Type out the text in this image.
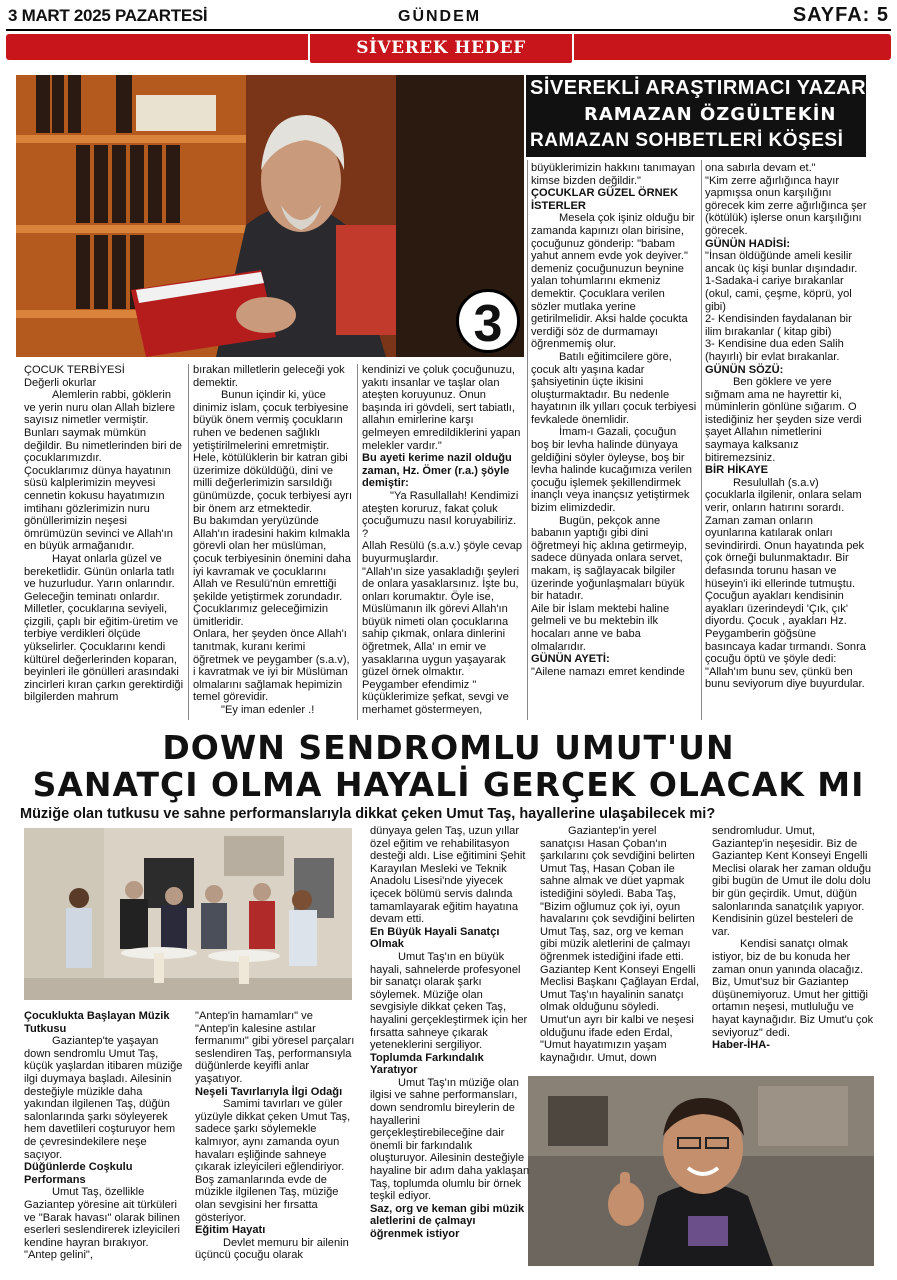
3 MART 2025 PAZARTESİ	GÜNDEM	SAYFA: 5
SİVEREK HEDEF
3
SİVEREKLİ ARAŞTIRMACI YAZAR
RAMAZAN ÖZGÜLTEKİN
RAMAZAN SOHBETLERİ KÖŞESİ

ÇOCUK TERBİYESİ

Değerli okurlar

Alemlerin rabbi, göklerin ve yerin nuru olan Allah bizlere sayısız nimetler vermiştir.

Bunları saymak mümkün değildir. Bu nimetlerinden biri de çocuklarımızdır.

Çocuklarımız dünya hayatının süsü kalplerimizin meyvesi cennetin kokusu hayatımızın imtihanı gözlerimizin nuru gönüllerimizin neşesi ömrümüzün sevinci ve Allah'ın en büyük armağanıdır.

Hayat onlarla güzel ve bereketlidir. Günün onlarla tatlı ve huzurludur. Yarın onlarındır. Geleceğin teminatı onlardır. Milletler, çocuklarına seviyeli, çizgili, çaplı bir eğitim-üretim ve terbiye verdikleri ölçüde yükselirler. Çocuklarını kendi kültürel değerlerinden koparan, beyinleri ile gönülleri arasındaki zincirleri kıran çarkın gerektirdiği bilgilerden mahrum

bırakan milletlerin geleceği yok demektir.

Bunun içindir ki, yüce dinimiz islam, çocuk terbiyesine büyük önem vermiş çocukların ruhen ve bedenen sağlıklı yetiştirilmelerini emretmiştir.

Hele, kötülüklerin bir katran gibi üzerimize döküldüğü, dini ve milli değerlerimizin sarsıldığı günümüzde, çocuk terbiyesi ayrı bir önem arz etmektedir.

Bu bakımdan yeryüzünde Allah'ın iradesini hakim kılmakla görevli olan her müslüman, çocuk terbiyesinin önemini daha iyi kavramak ve çocuklarını Allah ve Resulü'nün emrettiği şekilde yetiştirmek zorundadır. Çocuklarımız geleceğimizin ümitleridir.

Onlara, her şeyden önce Allah'ı tanıtmak, kuranı kerimi öğretmek ve peygamber (s.a.v), i kavratmak ve iyi bir Müslüman olmalarını sağlamak hepimizin temel görevidir.

"Ey iman edenler .!

kendinizi ve çoluk çocuğunuzu, yakıtı insanlar ve taşlar olan ateşten koruyunuz. Onun başında iri gövdeli, sert tabiatlı, allahın emirlerine karşı gelmeyen emredildiklerini yapan melekler vardır."

Bu ayeti kerime nazil olduğu zaman, Hz. Ömer (r.a.) şöyle demiştir:

"Ya Rasullallah! Kendimizi ateşten koruruz, fakat çoluk çocuğumuzu nasıl koruyabiliriz. ?

Allah Resülü (s.a.v.) şöyle cevap buyurmuşlardır.

"Allah'ın size yasakladığı şeyleri de onlara yasaklarsınız. İşte bu, onları korumaktır. Öyle ise, Müslümanın ilk görevi Allah'ın büyük nimeti olan çocuklarına sahip çıkmak, onlara dinlerini öğretmek, Alla' ın emir ve yasaklarına uygun yaşayarak güzel örnek olmaktır. Peygamber efendimiz " küçüklerimize şefkat, sevgi ve merhamet göstermeyen,

büyüklerimizin hakkını tanımayan kimse bizden değildir."

ÇOCUKLAR GÜZEL ÖRNEK İSTERLER

Mesela çok işiniz olduğu bir zamanda kapınızı olan birisine, çocuğunuz gönderip: "babam yahut annem evde yok deyiver." demeniz çocuğunuzun beynine yalan tohumlarını ekmeniz demektir. Çocuklara verilen sözler mutlaka yerine getirilmelidir. Aksi halde çocukta verdiği söz de durmamayı öğrenmemiş olur.

Batılı eğitimcilere göre, çocuk altı yaşına kadar şahsiyetinin üçte ikisini oluşturmaktadır. Bu nedenle hayatının ilk yılları çocuk terbiyesi fevkalede önemlidir.

İmam-ı Gazali, çocuğun boş bir levha halinde dünyaya geldiğini söyler öyleyse, boş bir levha halinde kucağımıza verilen çocuğu işlemek şekillendirmek inançlı veya inançsız yetiştirmek bizim elimizdedir.

Bugün, pekçok anne babanın yaptığı gibi dini öğretmeyi hiç aklına getirmeyip, sadece dünyada onlara servet, makam, iş sağlayacak bilgiler üzerinde yoğunlaşmaları büyük bir hatadır.

Aile bir İslam mektebi haline gelmeli ve bu mektebin ilk hocaları anne ve baba olmalarıdır.

GÜNÜN AYETİ:

"Ailene namazı emret kendinde

ona sabırla devam et."

"Kim zerre ağırlığınca hayır yapmışsa onun karşılığını görecek kim zerre ağırlığınca şer (kötülük) işlerse onun karşılığını görecek.

GÜNÜN HADİSİ:

"İnsan öldüğünde ameli kesilir ancak üç kişi bunlar dışındadır. 1-Sadaka-i cariye bırakanlar (okul, cami, çeşme, köprü, yol gibi)

2- Kendisinden faydalanan bir ilim bırakanlar ( kitap gibi)

3- Kendisine dua eden Salih (hayırlı) bir evlat bırakanlar.

GÜNÜN SÖZÜ:

Ben göklere ve yere sığmam ama ne hayrettir ki, müminlerin gönlüne sığarım. O istediğiniz her şeyden size verdi şayet Allahın nimetlerini saymaya kalksanız bitiremezsiniz.

BİR HİKAYE

Resulullah (s.a.v) çocuklarla ilgilenir, onlara selam verir, onların hatırını sorardı. Zaman zaman onların oyunlarına katılarak onları sevindirirdi. Onun hayatında pek çok örneği bulunmaktadır. Bir defasında torunu hasan ve hüseyin'i iki ellerinde tutmuştu. Çocuğun ayakları kendisinin ayakları üzerindeydi 'Çık, çık' diyordu. Çocuk , ayakları Hz. Peygamberin göğsüne basıncaya kadar tırmandı. Sonra çocuğu öptü ve şöyle dedi: "Allah'ım bunu sev, çünkü ben bunu seviyorum diye buyurdular.

DOWN SENDROMLU UMUT'UN
SANATÇI OLMA HAYALİ GERÇEK OLACAK MI
Müziğe olan tutkusu ve sahne performanslarıyla dikkat çeken Umut Taş, hayallerine ulaşabilecek mi?

Çocuklukta Başlayan Müzik Tutkusu

Gaziantep'te yaşayan down sendromlu Umut Taş, küçük yaşlardan itibaren müziğe ilgi duymaya başladı. Ailesinin desteğiyle müzikle daha yakından ilgilenen Taş, düğün salonlarında şarkı söyleyerek hem davetlileri coşturuyor hem de çevresindekilere neşe saçıyor.

Düğünlerde Coşkulu Performans

Umut Taş, özellikle Gaziantep yöresine ait türküleri ve "Barak havası" olarak bilinen eserleri seslendirerek izleyicileri kendine hayran bırakıyor. "Antep gelini",

"Antep'in hamamları" ve "Antep'in kalesine astılar fermanımı" gibi yöresel parçaları seslendiren Taş, performansıyla düğünlerde keyifli anlar yaşatıyor.

Neşeli Tavırlarıyla İlgi Odağı

Samimi tavırları ve güler yüzüyle dikkat çeken Umut Taş, sadece şarkı söylemekle kalmıyor, aynı zamanda oyun havaları eşliğinde sahneye çıkarak izleyicileri eğlendiriyor. Boş zamanlarında evde de müzikle ilgilenen Taş, müziğe olan sevgisini her fırsatta gösteriyor.

Eğitim Hayatı

Devlet memuru bir ailenin üçüncü çocuğu olarak

dünyaya gelen Taş, uzun yıllar özel eğitim ve rehabilitasyon desteği aldı. Lise eğitimini Şehit Karayılan Mesleki ve Teknik Anadolu Lisesi'nde yiyecek içecek bölümü servis dalında tamamlayarak eğitim hayatına devam etti.

En Büyük Hayali Sanatçı Olmak

Umut Taş'ın en büyük hayali, sahnelerde profesyonel bir sanatçı olarak şarkı söylemek. Müziğe olan sevgisiyle dikkat çeken Taş, hayalini gerçekleştirmek için her fırsatta sahneye çıkarak yeteneklerini sergiliyor.

Toplumda Farkındalık Yaratıyor

Umut Taş'ın müziğe olan ilgisi ve sahne performansları, down sendromlu bireylerin de hayallerini gerçekleştirebileceğine dair önemli bir farkındalık oluşturuyor. Ailesinin desteğiyle hayaline bir adım daha yaklaşan Taş, toplumda olumlu bir örnek teşkil ediyor.

Saz, org ve keman gibi müzik aletlerini de çalmayı öğrenmek istiyor

Gaziantep'in yerel sanatçısı Hasan Çoban'ın şarkılarını çok sevdiğini belirten Umut Taş, Hasan Çoban ile sahne almak ve düet yapmak istediğini söyledi. Baba Taş, "Bizim oğlumuz çok iyi, oyun havalarını çok sevdiğini belirten Umut Taş, saz, org ve keman gibi müzik aletlerini de çalmayı öğrenmek istediğini ifade etti.

Gaziantep Kent Konseyi Engelli Meclisi Başkanı Çağlayan Erdal, Umut Taş'ın hayalinin sanatçı olmak olduğunu söyledi. Umut'un ayrı bir kalbi ve neşesi olduğunu ifade eden Erdal, "Umut hayatımızın yaşam kaynağıdır. Umut, down

sendromludur. Umut, Gaziantep'in neşesidir. Biz de Gaziantep Kent Konseyi Engelli Meclisi olarak her zaman olduğu gibi bugün de Umut ile dolu dolu bir gün geçirdik. Umut, düğün salonlarında sanatçılık yapıyor. Kendisinin güzel besteleri de var.

Kendisi sanatçı olmak istiyor, biz de bu konuda her zaman onun yanında olacağız. Biz, Umut'suz bir Gaziantep düşünemiyoruz. Umut her gittiği ortamın neşesi, mutluluğu ve hayat kaynağıdır. Biz Umut'u çok seviyoruz" dedi.

Haber-İHA-
